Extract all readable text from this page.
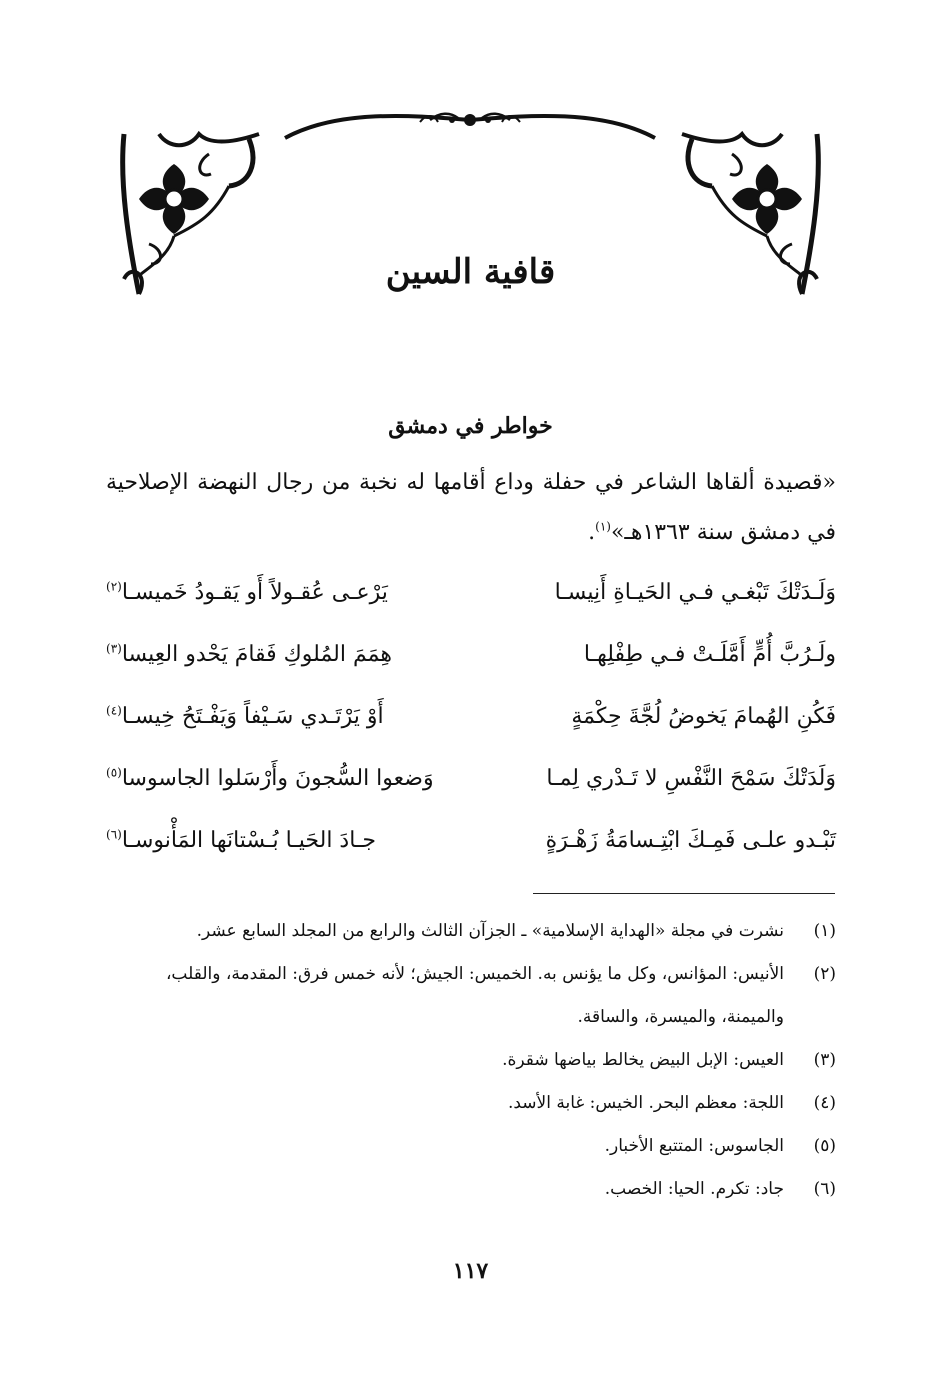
قافية السين
خواطر في دمشق

«قصيدة ألقاها الشاعر في حفلة وداع أقامها له نخبة من رجال النهضة الإصلاحية في دمشق سنة ١٣٦٣هـ»$^{(١)}$.

وَلَـدَتْكَ تَبْغـي فـي الحَيـاةِ أَنِيسـا
يَرْعـى عُقـولاً أَو يَقـودُ خَميسـا$^{(٢)}$
ولَـرُبَّ أُمٍّ أَمَّلَـتْ فـي طِفْلِهـا
هِمَمَ المُلوكِ فَقامَ يَحْدو العِيسا$^{(٣)}$
فَكُنِ الهُمامَ يَخوضُ لُجَّةَ حِكْمَةٍ
أَوْ يَرْتَـدي سَـيْفاً وَيَفْـتَحُ خِيسـا$^{(٤)}$
وَلَدَتْكَ سَمْحَ النَّفْسِ لا تَـدْري لِمـا
وَضعوا السُّجونَ وأَرْسَلوا الجاسوسا$^{(٥)}$
تَبْـدو علـى فَمِـكَ ابْتِـسامَةُ زَهْـرَةٍ
جـادَ الحَيـا بُـسْتانَها المَأْنوسـا$^{(٦)}$
(١)
نشرت في مجلة «الهداية الإسلامية» ـ الجزآن الثالث والرابع من المجلد السابع عشر.
(٢)
الأنيس: المؤانس، وكل ما يؤنس به. الخميس: الجيش؛ لأنه خمس فرق: المقدمة، والقلب، والميمنة، والميسرة، والساقة.
(٣)
العيس: الإبل البيض يخالط بياضها شقرة.
(٤)
اللجة: معظم البحر. الخيس: غابة الأسد.
(٥)
الجاسوس: المتتبع الأخبار.
(٦)
جاد: تكرم. الحيا: الخصب.
١١٧
